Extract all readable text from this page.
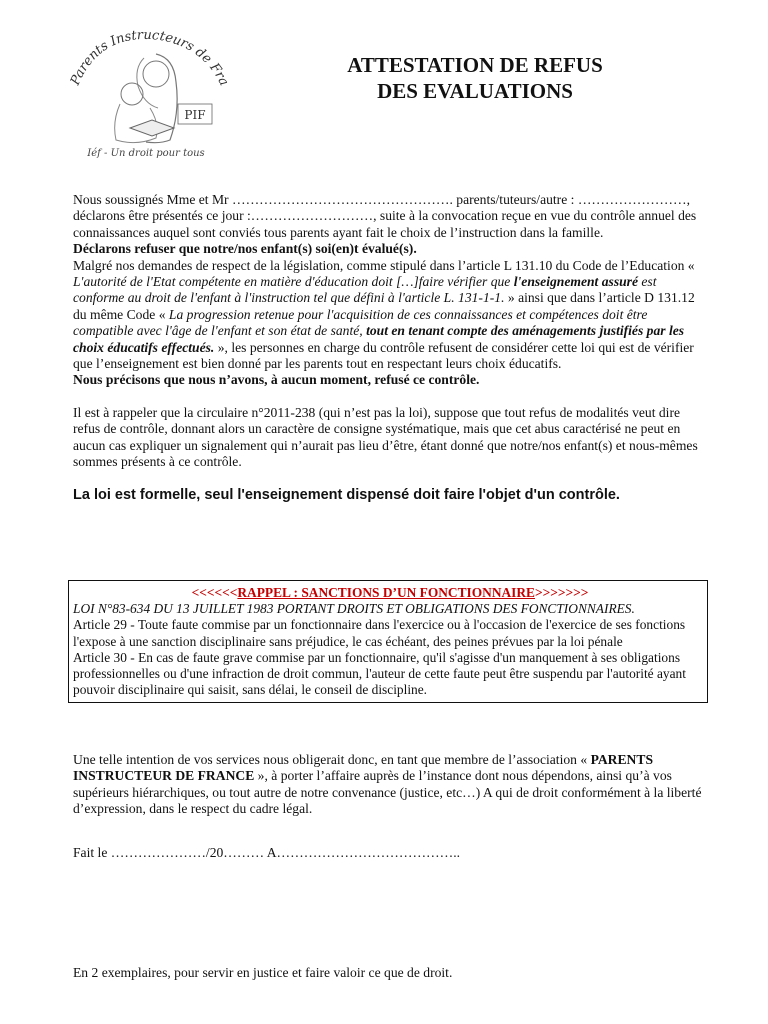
Parents Instructeurs de Fra
PIF
Iéf - Un droit pour tous
ATTESTATION DE REFUS
DES EVALUATIONS

Nous soussignés Mme et Mr …………………………………………. parents/tuteurs/autre : ……………………, déclarons être présentés ce jour :………………………, suite à la convocation reçue en vue du contrôle annuel des connaissances auquel sont conviés tous parents ayant fait le choix de l’instruction dans la famille.

Déclarons refuser que notre/nos enfant(s) soi(en)t évalué(s).

Malgré nos demandes de respect de la législation, comme stipulé dans l’article L 131.10 du Code de l’Education « L'autorité de l'Etat compétente en matière d'éducation doit […]faire vérifier que l'enseignement assuré est conforme au droit de l'enfant à l'instruction tel que défini à l'article L. 131-1-1. » ainsi que dans l’article D 131.12 du même Code « La progression retenue pour l'acquisition de ces connaissances et compétences doit être compatible avec l'âge de l'enfant et son état de santé, tout en tenant compte des aménagements justifiés par les choix éducatifs effectués. », les personnes en charge du contrôle refusent de considérer cette loi qui est de vérifier que l’enseignement est bien donné par les parents tout en respectant leurs choix éducatifs.

Nous précisons que nous n’avons, à aucun moment, refusé ce contrôle.

Il est à rappeler que la circulaire n°2011-238 (qui n’est pas la loi), suppose que tout refus de modalités veut dire refus de contrôle, donnant alors un caractère de consigne systématique, mais que cet abus caractérisé ne peut en aucun cas expliquer un signalement qui n’aurait pas lieu d’être, étant donné que notre/nos enfant(s) et nous-mêmes sommes présents à ce contrôle.

La loi est formelle, seul l'enseignement dispensé doit faire l'objet d'un contrôle.

<<<<<<RAPPEL : SANCTIONS D’UN FONCTIONNAIRE>>>>>>>
LOI N°83-634 DU 13 JUILLET 1983 PORTANT DROITS ET OBLIGATIONS DES FONCTIONNAIRES.
Article 29 - Toute faute commise par un fonctionnaire dans l'exercice ou à l'occasion de l'exercice de ses fonctions l'expose à une sanction disciplinaire sans préjudice, le cas échéant, des peines prévues par la loi pénale
Article 30 - En cas de faute grave commise par un fonctionnaire, qu'il s'agisse d'un manquement à ses obligations professionnelles ou d'une infraction de droit commun, l'auteur de cette faute peut être suspendu par l'autorité ayant pouvoir disciplinaire qui saisit, sans délai, le conseil de discipline.

Une telle intention de vos services nous obligerait donc, en tant que membre de l’association « PARENTS INSTRUCTEUR DE FRANCE », à porter l’affaire auprès de l’instance dont nous dépendons, ainsi qu’à vos supérieurs hiérarchiques, ou tout autre de notre convenance (justice, etc…) A qui de droit conformément à la liberté d’expression, dans le respect du cadre légal.

Fait le …………………/20……… A…………………………………..
En 2 exemplaires, pour servir en justice et faire valoir ce que de droit.
